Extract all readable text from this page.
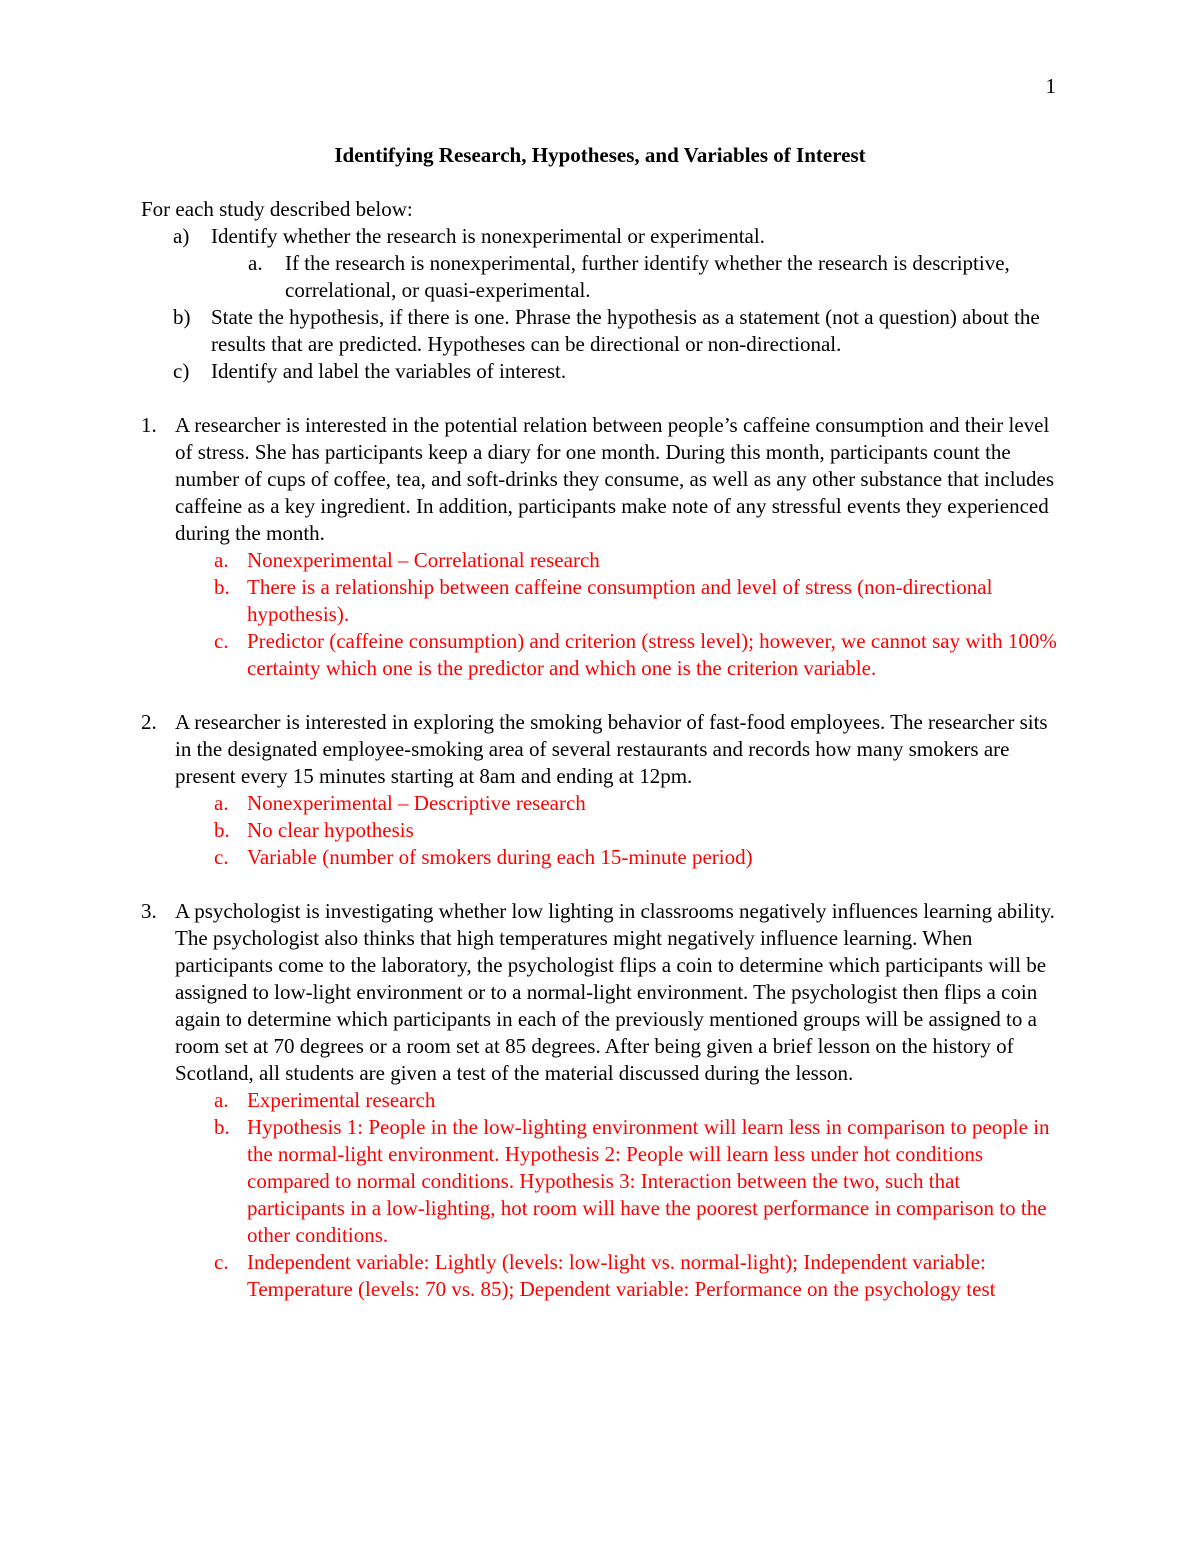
1
Identifying Research, Hypotheses, and Variables of Interest

For each study described below:

a) Identify whether the research is nonexperimental or experimental.
a. If the research is nonexperimental, further identify whether the research is descriptive, correlational, or quasi-experimental.
b) State the hypothesis, if there is one. Phrase the hypothesis as a statement (not a question) about the results that are predicted. Hypotheses can be directional or non-directional.
c) Identify and label the variables of interest.
1. A researcher is interested in the potential relation between people’s caffeine consumption and their level of stress. She has participants keep a diary for one month. During this month, participants count the number of cups of coffee, tea, and soft-drinks they consume, as well as any other substance that includes caffeine as a key ingredient. In addition, participants make note of any stressful events they experienced during the month.
a. Nonexperimental – Correlational research
b. There is a relationship between caffeine consumption and level of stress (non-directional hypothesis).
c. Predictor (caffeine consumption) and criterion (stress level); however, we cannot say with 100% certainty which one is the predictor and which one is the criterion variable.
2. A researcher is interested in exploring the smoking behavior of fast-food employees. The researcher sits in the designated employee-smoking area of several restaurants and records how many smokers are present every 15 minutes starting at 8am and ending at 12pm.
a. Nonexperimental – Descriptive research
b. No clear hypothesis
c. Variable (number of smokers during each 15-minute period)
3. A psychologist is investigating whether low lighting in classrooms negatively influences learning ability. The psychologist also thinks that high temperatures might negatively influence learning. When participants come to the laboratory, the psychologist flips a coin to determine which participants will be assigned to low-light environment or to a normal-light environment. The psychologist then flips a coin again to determine which participants in each of the previously mentioned groups will be assigned to a room set at 70 degrees or a room set at 85 degrees. After being given a brief lesson on the history of Scotland, all students are given a test of the material discussed during the lesson.
a. Experimental research
b. Hypothesis 1: People in the low-lighting environment will learn less in comparison to people in the normal-light environment. Hypothesis 2: People will learn less under hot conditions compared to normal conditions. Hypothesis 3: Interaction between the two, such that participants in a low-lighting, hot room will have the poorest performance in comparison to the other conditions.
c. Independent variable: Lightly (levels: low-light vs. normal-light); Independent variable: Temperature (levels: 70 vs. 85); Dependent variable: Performance on the psychology test
